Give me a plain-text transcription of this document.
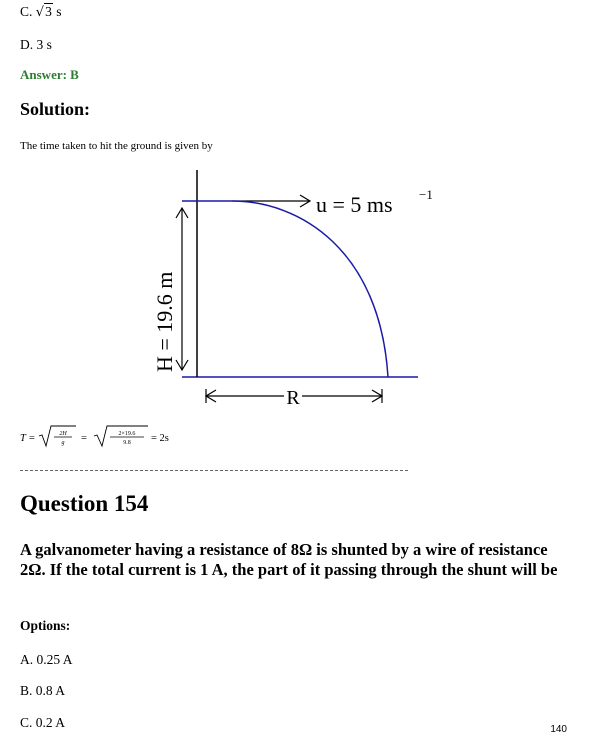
C. √3 s
D. 3 s
Answer: B
Solution:
The time taken to hit the ground is given by
u = 5 ms −1
H = 19.6 m
R
T =	2H
g =	2×19.6
9.8 = 2s
Question 154
A galvanometer having a resistance of 8Ω is shunted by a wire of resistance 2Ω. If the total current is 1 A, the part of it passing through the shunt will be
Options:
A. 0.25 A
B. 0.8 A
C. 0.2 A	140
